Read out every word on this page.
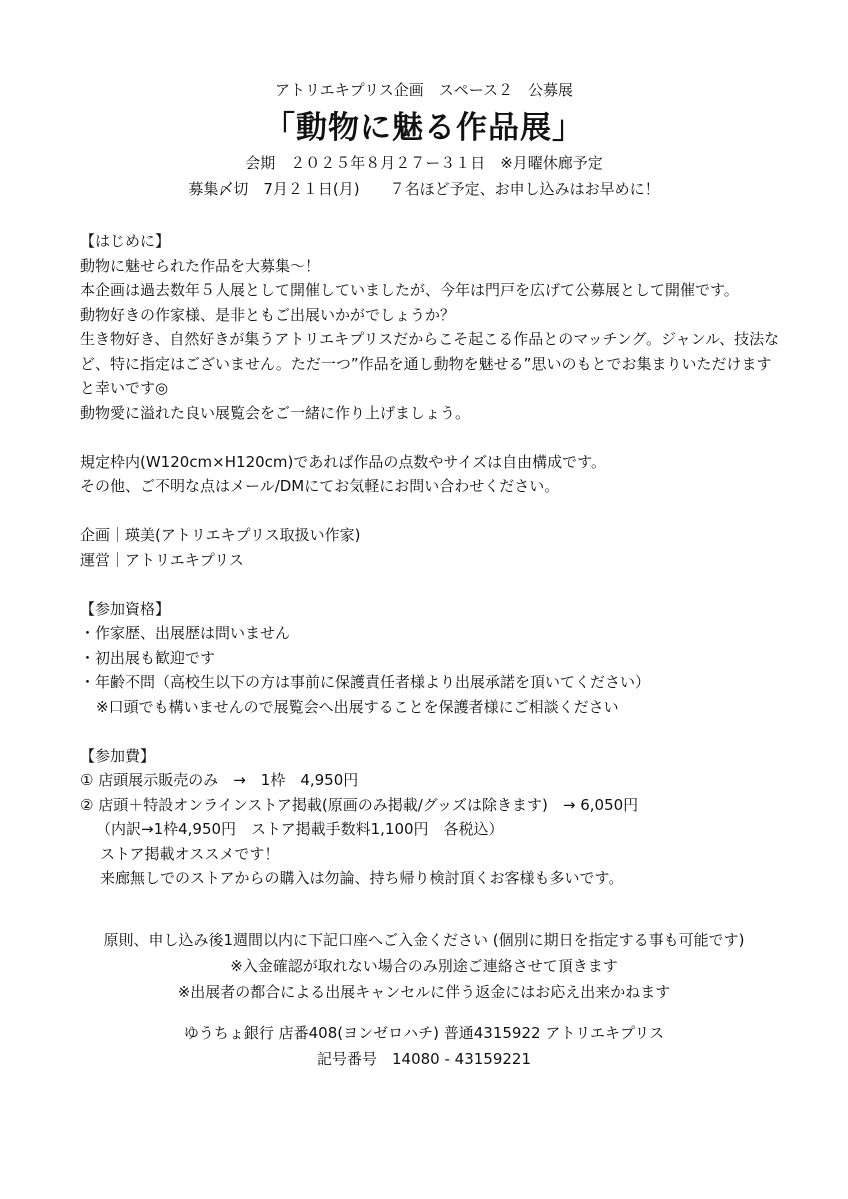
アトリエキプリス企画　スペース２　公募展
「動物に魅る作品展」
会期　２０２５年８月２７ー３１日　※月曜休廊予定
募集〆切　7月２１日(月)　　７名ほど予定、お申し込みはお早めに！
【はじめに】
動物に魅せられた作品を大募集〜！
本企画は過去数年５人展として開催していましたが、今年は門戸を広げて公募展として開催です。
動物好きの作家様、是非ともご出展いかがでしょうか？
生き物好き、自然好きが集うアトリエキプリスだからこそ起こる作品とのマッチング。ジャンル、技法など、特に指定はございません。ただ一つ”作品を通し動物を魅せる”思いのもとでお集まりいただけますと幸いです◎
動物愛に溢れた良い展覧会をご一緒に作り上げましょう。
規定枠内(W120cm×H120cm)であれば作品の点数やサイズは自由構成です。
その他、ご不明な点はメール/DMにてお気軽にお問い合わせください。
企画｜瑛美(アトリエキプリス取扱い作家)
運営｜アトリエキプリス
【参加資格】
・作家歴、出展歴は問いません
・初出展も歓迎です
・年齢不問（高校生以下の方は事前に保護責任者様より出展承諾を頂いてください）
※口頭でも構いませんので展覧会へ出展することを保護者様にご相談ください
【参加費】
① 店頭展示販売のみ　→　1枠　4,950円
② 店頭＋特設オンラインストア掲載(原画のみ掲載/グッズは除きます)　→ 6,050円
（内訳→1枠4,950円　ストア掲載手数料1,100円　各税込）
ストア掲載オススメです！
来廊無しでのストアからの購入は勿論、持ち帰り検討頂くお客様も多いです。
原則、申し込み後1週間以内に下記口座へご入金ください (個別に期日を指定する事も可能です)
※入金確認が取れない場合のみ別途ご連絡させて頂きます
※出展者の都合による出展キャンセルに伴う返金にはお応え出来かねます
ゆうちょ銀行 店番408(ヨンゼロハチ) 普通4315922 アトリエキプリス
記号番号　14080 - 43159221
